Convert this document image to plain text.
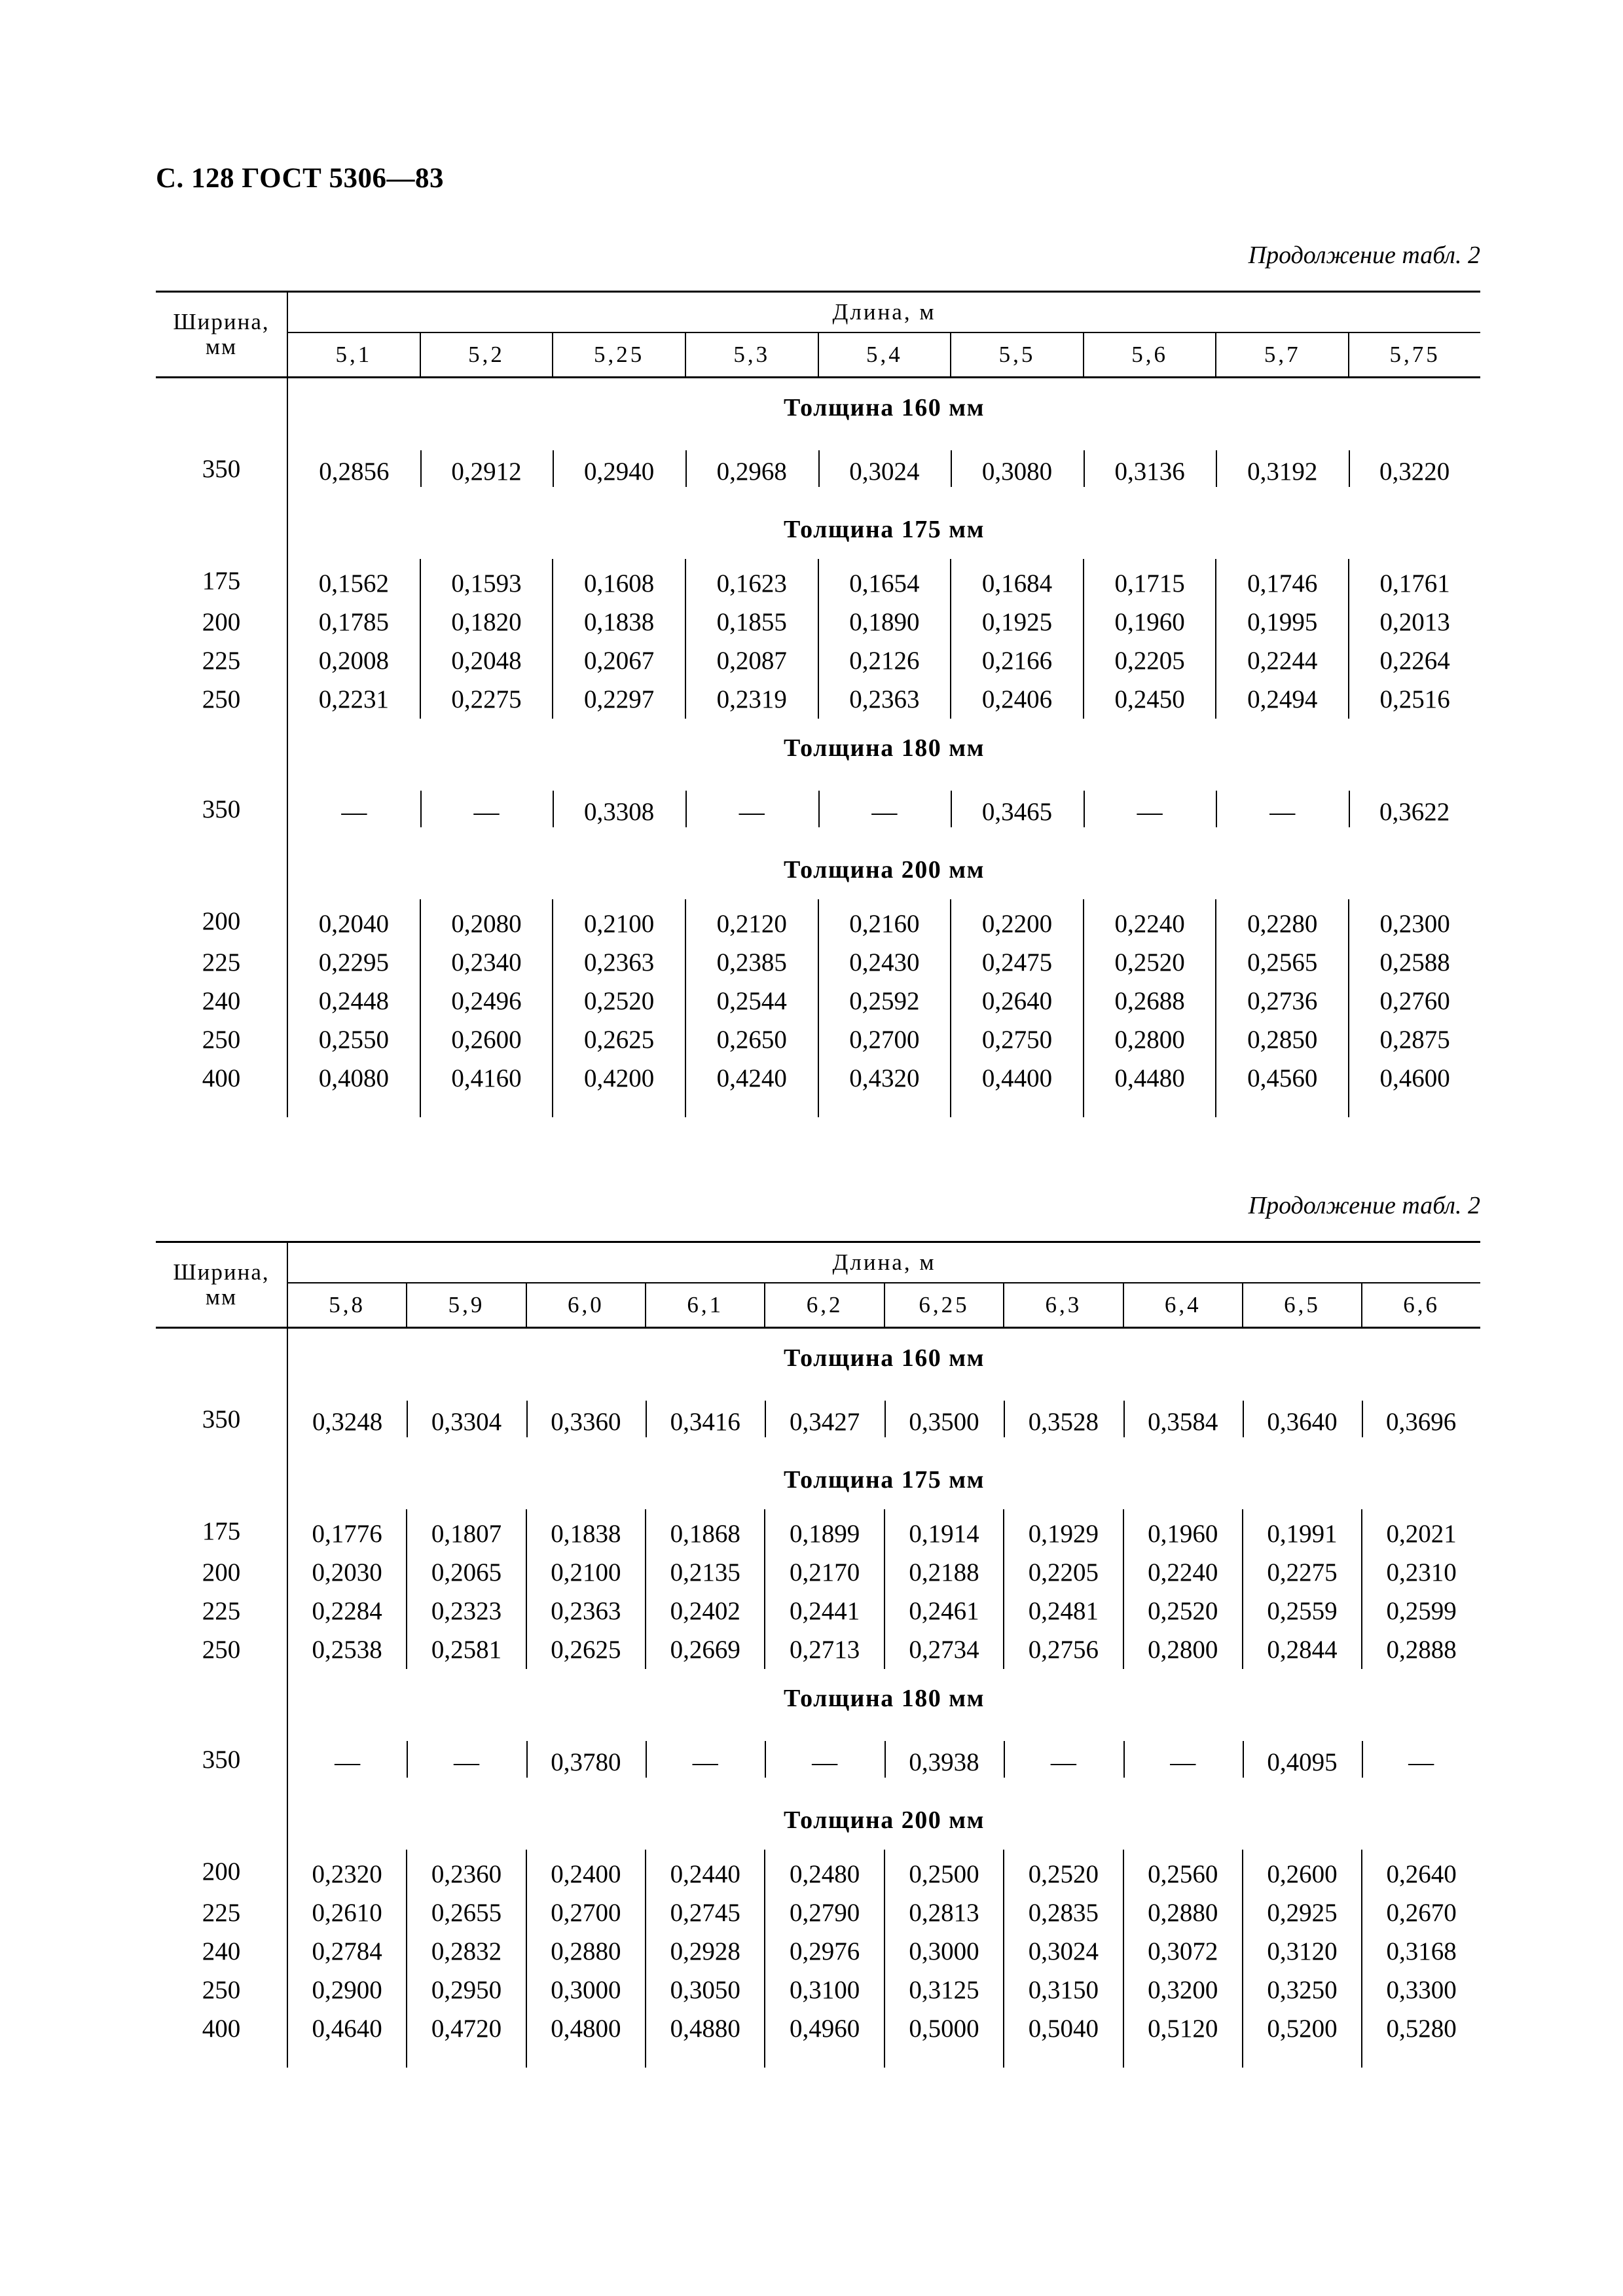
С. 128 ГОСТ 5306—83
Продолжение табл. 2
Ширина,
мм	Длина, м								
	5,1	5,2	5,25	5,3	5,4	5,5	5,6	5,7	5,75
	Толщина 160 мм								
350	0,2856	0,2912	0,2940	0,2968	0,3024	0,3080	0,3136	0,3192	0,3220
	Толщина 175 мм								
175	0,1562	0,1593	0,1608	0,1623	0,1654	0,1684	0,1715	0,1746	0,1761
200	0,1785	0,1820	0,1838	0,1855	0,1890	0,1925	0,1960	0,1995	0,2013
225	0,2008	0,2048	0,2067	0,2087	0,2126	0,2166	0,2205	0,2244	0,2264
250	0,2231	0,2275	0,2297	0,2319	0,2363	0,2406	0,2450	0,2494	0,2516
	Толщина 180 мм								
350	—	—	0,3308	—	—	0,3465	—	—	0,3622
	Толщина 200 мм								
200	0,2040	0,2080	0,2100	0,2120	0,2160	0,2200	0,2240	0,2280	0,2300
225	0,2295	0,2340	0,2363	0,2385	0,2430	0,2475	0,2520	0,2565	0,2588
240	0,2448	0,2496	0,2520	0,2544	0,2592	0,2640	0,2688	0,2736	0,2760
250	0,2550	0,2600	0,2625	0,2650	0,2700	0,2750	0,2800	0,2850	0,2875
400	0,4080	0,4160	0,4200	0,4240	0,4320	0,4400	0,4480	0,4560	0,4600

Продолжение табл. 2
Ширина,
мм	Длина, м									
	5,8	5,9	6,0	6,1	6,2	6,25	6,3	6,4	6,5	6,6
	Толщина 160 мм									
350	0,3248	0,3304	0,3360	0,3416	0,3427	0,3500	0,3528	0,3584	0,3640	0,3696
	Толщина 175 мм									
175	0,1776	0,1807	0,1838	0,1868	0,1899	0,1914	0,1929	0,1960	0,1991	0,2021
200	0,2030	0,2065	0,2100	0,2135	0,2170	0,2188	0,2205	0,2240	0,2275	0,2310
225	0,2284	0,2323	0,2363	0,2402	0,2441	0,2461	0,2481	0,2520	0,2559	0,2599
250	0,2538	0,2581	0,2625	0,2669	0,2713	0,2734	0,2756	0,2800	0,2844	0,2888
	Толщина 180 мм									
350	—	—	0,3780	—	—	0,3938	—	—	0,4095	—
	Толщина 200 мм									
200	0,2320	0,2360	0,2400	0,2440	0,2480	0,2500	0,2520	0,2560	0,2600	0,2640
225	0,2610	0,2655	0,2700	0,2745	0,2790	0,2813	0,2835	0,2880	0,2925	0,2670
240	0,2784	0,2832	0,2880	0,2928	0,2976	0,3000	0,3024	0,3072	0,3120	0,3168
250	0,2900	0,2950	0,3000	0,3050	0,3100	0,3125	0,3150	0,3200	0,3250	0,3300
400	0,4640	0,4720	0,4800	0,4880	0,4960	0,5000	0,5040	0,5120	0,5200	0,5280
